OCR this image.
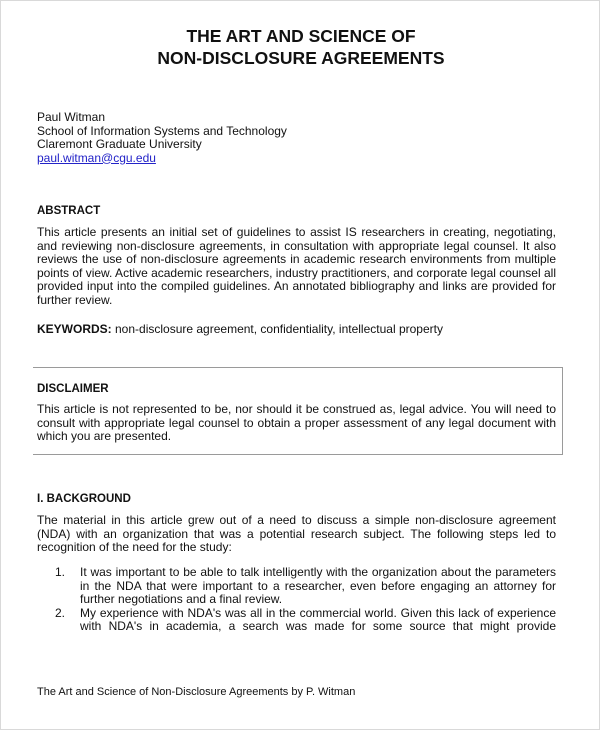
THE ART AND SCIENCE OF
NON-DISCLOSURE AGREEMENTS
Paul Witman
School of Information Systems and Technology
Claremont Graduate University
paul.witman@cgu.edu
ABSTRACT
This article presents an initial set of guidelines to assist IS researchers in creating, negotiating, and reviewing non-disclosure agreements, in consultation with appropriate legal counsel. It also reviews the use of non-disclosure agreements in academic research environments from multiple points of view. Active academic researchers, industry practitioners, and corporate legal counsel all provided input into the compiled guidelines. An annotated bibliography and links are provided for further review.
KEYWORDS: non-disclosure agreement, confidentiality, intellectual property
DISCLAIMER
This article is not represented to be, nor should it be construed as, legal advice. You will need to consult with appropriate legal counsel to obtain a proper assessment of any legal document with which you are presented.
I. BACKGROUND
The material in this article grew out of a need to discuss a simple non-disclosure agreement (NDA) with an organization that was a potential research subject. The following steps led to recognition of the need for the study:
1. It was important to be able to talk intelligently with the organization about the parameters in the NDA that were important to a researcher, even before engaging an attorney for further negotiations and a final review.
2. My experience with NDA's was all in the commercial world. Given this lack of experience with NDA's in academia, a search was made for some source that might provide
The Art and Science of Non-Disclosure Agreements by P. Witman
